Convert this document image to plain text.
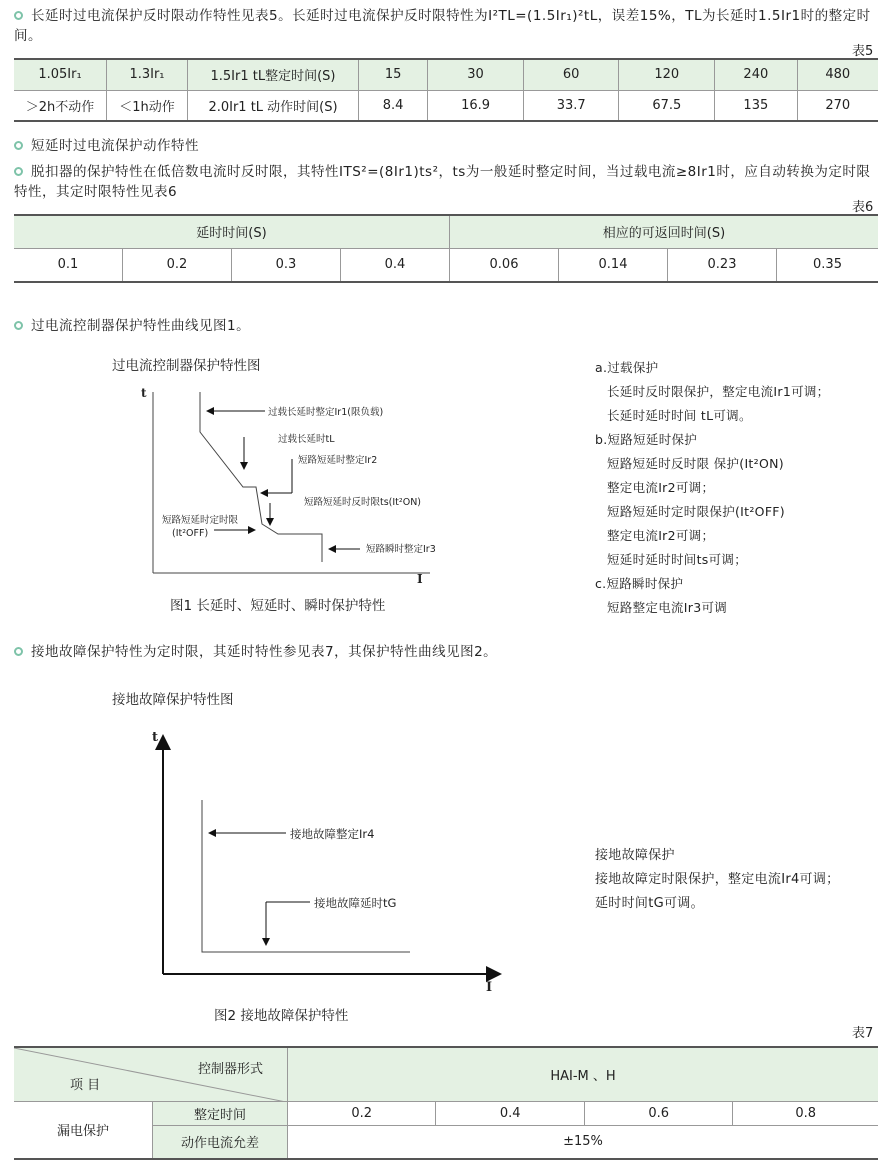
长延时过电流保护反时限动作特性见表5。长延时过电流保护反时限特性为I²TL=(1.5Ir₁)²tL，误差15%，TL为长延时1.5Ir1时的整定时间。
表5
1.05Ir₁	1.3Ir₁	1.5Ir1 tL整定时间(S)	15	30	60	120	240	480
＞2h不动作	＜1h动作	2.0Ir1 tL 动作时间(S)	8.4	16.9	33.7	67.5	135	270
短延时过电流保护动作特性
脱扣器的保护特性在低倍数电流时反时限，其特性ITS²=(8Ir1)ts²，ts为一般延时整定时间，当过载电流≥8Ir1时，应自动转换为定时限特性，其定时限特性见表6
表6
延时时间(S)				相应的可返回时间(S)			
0.1	0.2	0.3	0.4	0.06	0.14	0.23	0.35
过电流控制器保护特性曲线见图1。
过电流控制器保护特性图
t
I
过载长延时整定Ir1(限负载)
过载长延时tL
短路短延时整定Ir2
短路短延时反时限ts(It²ON)
短路短延时定时限
(It²OFF)
短路瞬时整定Ir3
图1 长延时、短延时、瞬时保护特性
a.过载保护
长延时反时限保护，整定电流Ir1可调；
长延时延时时间 tL可调。
b.短路短延时保护
短路短延时反时限 保护(It²ON)
整定电流Ir2可调；
短路短延时定时限保护(It²OFF)
整定电流Ir2可调；
短延时延时时间ts可调；
c.短路瞬时保护
短路整定电流Ir3可调
接地故障保护特性为定时限，其延时特性参见表7，其保护特性曲线见图2。
接地故障保护特性图
t
I
接地故障整定Ir4
接地故障延时tG
图2 接地故障保护特性
接地故障保护
接地故障定时限保护，整定电流Ir4可调；
延时时间tG可调。
表7
控制器形式
项 目		HAI-M 、H			
漏电保护	整定时间	0.2	0.4	0.6	0.8
	动作电流允差	±15%			
